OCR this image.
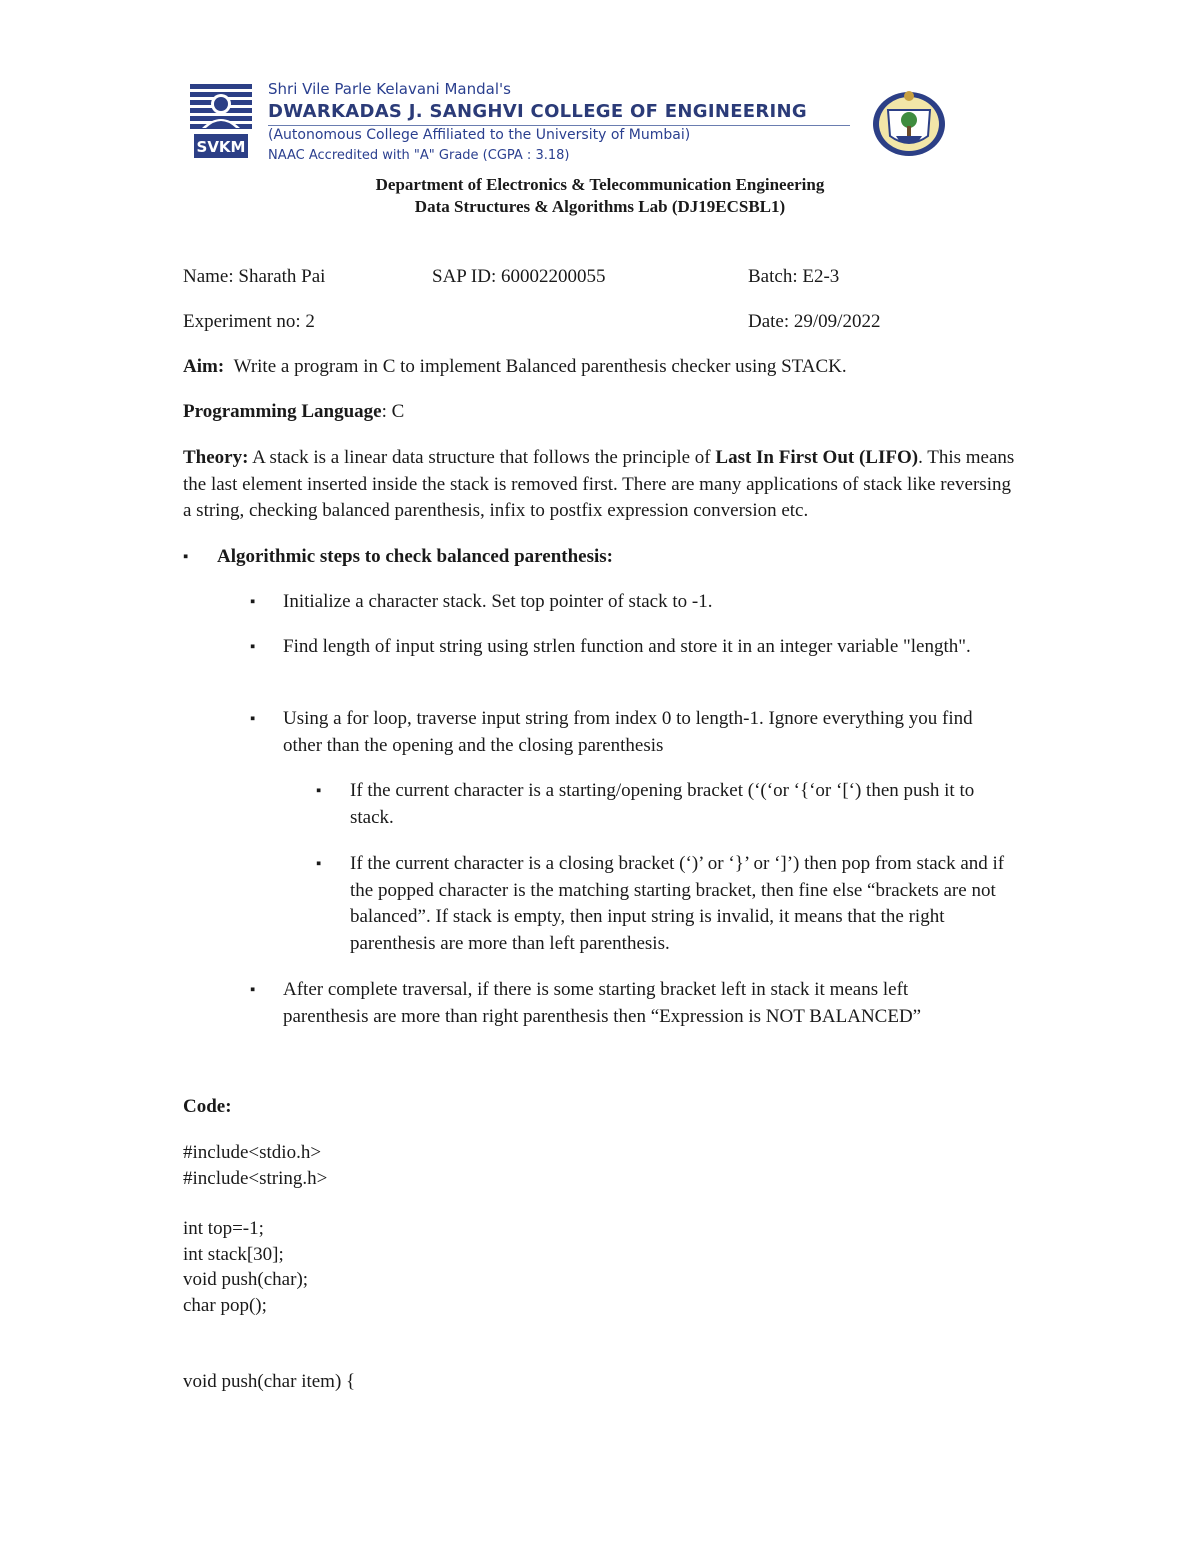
SVKM
Shri Vile Parle Kelavani Mandal's
DWARKADAS J. SANGHVI COLLEGE OF ENGINEERING
(Autonomous College Affiliated to the University of Mumbai)
NAAC Accredited with "A" Grade (CGPA : 3.18)
Department of Electronics & Telecommunication Engineering
Data Structures & Algorithms Lab (DJ19ECSBL1)
Name: Sharath Pai	SAP ID: 60002200055	Batch: E2-3
Experiment no: 2	Date: 29/09/2022
Aim: Write a program in C to implement Balanced parenthesis checker using STACK.
Programming Language: C
Theory: A stack is a linear data structure that follows the principle of Last In First Out (LIFO). This means the last element inserted inside the stack is removed first. There are many applications of stack like reversing a string, checking balanced parenthesis, infix to postfix expression conversion etc.
▪ Algorithmic steps to check balanced parenthesis:
▪ Initialize a character stack. Set top pointer of stack to -1.
▪ Find length of input string using strlen function and store it in an integer variable "length".
▪ Using a for loop, traverse input string from index 0 to length-1. Ignore everything you find other than the opening and the closing parenthesis
▪ If the current character is a starting/opening bracket (‘(‘or ‘{‘or ‘[‘) then push it to stack.
▪ If the current character is a closing bracket (‘)’ or ‘}’ or ‘]’) then pop from stack and if the popped character is the matching starting bracket, then fine else “brackets are not balanced”. If stack is empty, then input string is invalid, it means that the right parenthesis are more than left parenthesis.
▪ After complete traversal, if there is some starting bracket left in stack it means left parenthesis are more than right parenthesis then “Expression is NOT BALANCED”
Code:
#include<stdio.h>
#include<string.h>
int top=-1;
int stack[30];
void push(char);
char pop();
void push(char item) {
